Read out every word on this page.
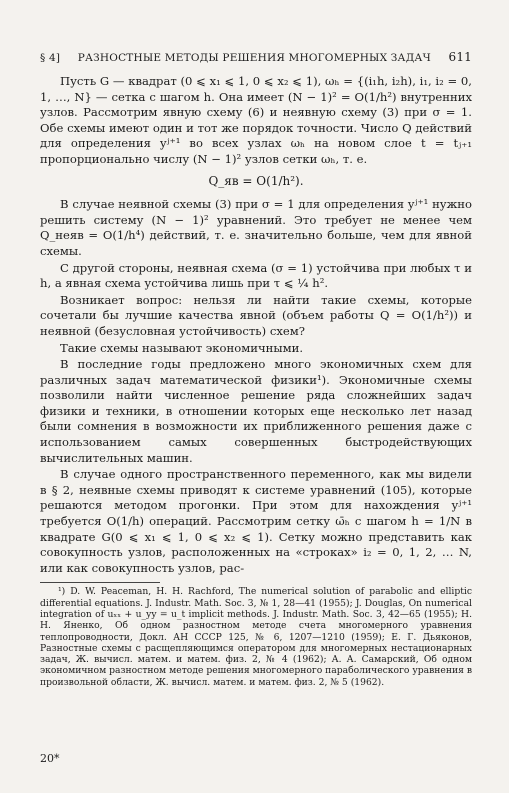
§ 4] РАЗНОСТНЫЕ МЕТОДЫ РЕШЕНИЯ МНОГОМЕРНЫХ ЗАДАЧ 611

Пусть G — квадрат (0 ⩽ x₁ ⩽ 1, 0 ⩽ x₂ ⩽ 1), ωₕ = {(i₁h, i₂h), i₁, i₂ = 0, 1, …, N} — сетка с шагом h. Она имеет (N − 1)² = O(1/h²) внутренних узлов. Рассмотрим явную схему (6) и неявную схему (3) при σ = 1. Обе схемы имеют один и тот же порядок точности. Число Q действий для определения yʲ⁺¹ во всех узлах ωₕ на новом слое t = tⱼ₊₁ пропорционально числу (N − 1)² узлов сетки ωₕ, т. е.

Q_яв = O(1/h²).

В случае неявной схемы (3) при σ = 1 для определения yʲ⁺¹ нужно решить систему (N − 1)² уравнений. Это требует не менее чем Q_неяв = O(1/h⁴) действий, т. е. значительно больше, чем для явной схемы.

С другой стороны, неявная схема (σ = 1) устойчива при любых τ и h, а явная схема устойчива лишь при τ ⩽ ¼ h².

Возникает вопрос: нельзя ли найти такие схемы, которые сочетали бы лучшие качества явной (объем работы Q = O(1/h²)) и неявной (безусловная устойчивость) схем?

Такие схемы называют экономичными.

В последние годы предложено много экономичных схем для различных задач математической физики¹). Экономичные схемы позволили найти численное решение ряда сложнейших задач физики и техники, в отношении которых еще несколько лет назад были сомнения в возможности их приближенного решения даже с использованием самых совершенных быстродействующих вычислительных машин.

В случае одного пространственного переменного, как мы видели в § 2, неявные схемы приводят к системе уравнений (105), которые решаются методом прогонки. При этом для нахождения yʲ⁺¹ требуется O(1/h) операций. Рассмотрим сетку ω̄ₕ с шагом h = 1/N в квадрате G(0 ⩽ x₁ ⩽ 1, 0 ⩽ x₂ ⩽ 1). Сетку можно представить как совокупность узлов, расположенных на «строках» i₂ = 0, 1, 2, … N, или как совокупность узлов, рас-

¹) D. W. Peaceman, H. H. Rachford, The numerical solution of parabolic and elliptic differential equations. J. Industr. Math. Soc. 3, № 1, 28—41 (1955); J. Douglas, On numerical integration of uₓₓ + u_yy = u_t implicit methods. J. Industr. Math. Soc. 3, 42—65 (1955); Н. Н. Яненко, Об одном разностном методе счета многомерного уравнения теплопроводности, Докл. АН СССР 125, № 6, 1207—1210 (1959); Е. Г. Дьяконов, Разностные схемы с расщепляющимся оператором для многомерных нестационарных задач, Ж. вычисл. матем. и матем. физ. 2, № 4 (1962); А. А. Самарский, Об одном экономичном разностном методе решения многомерного параболического уравнения в произвольной области, Ж. вычисл. матем. и матем. физ. 2, № 5 (1962).

20*
